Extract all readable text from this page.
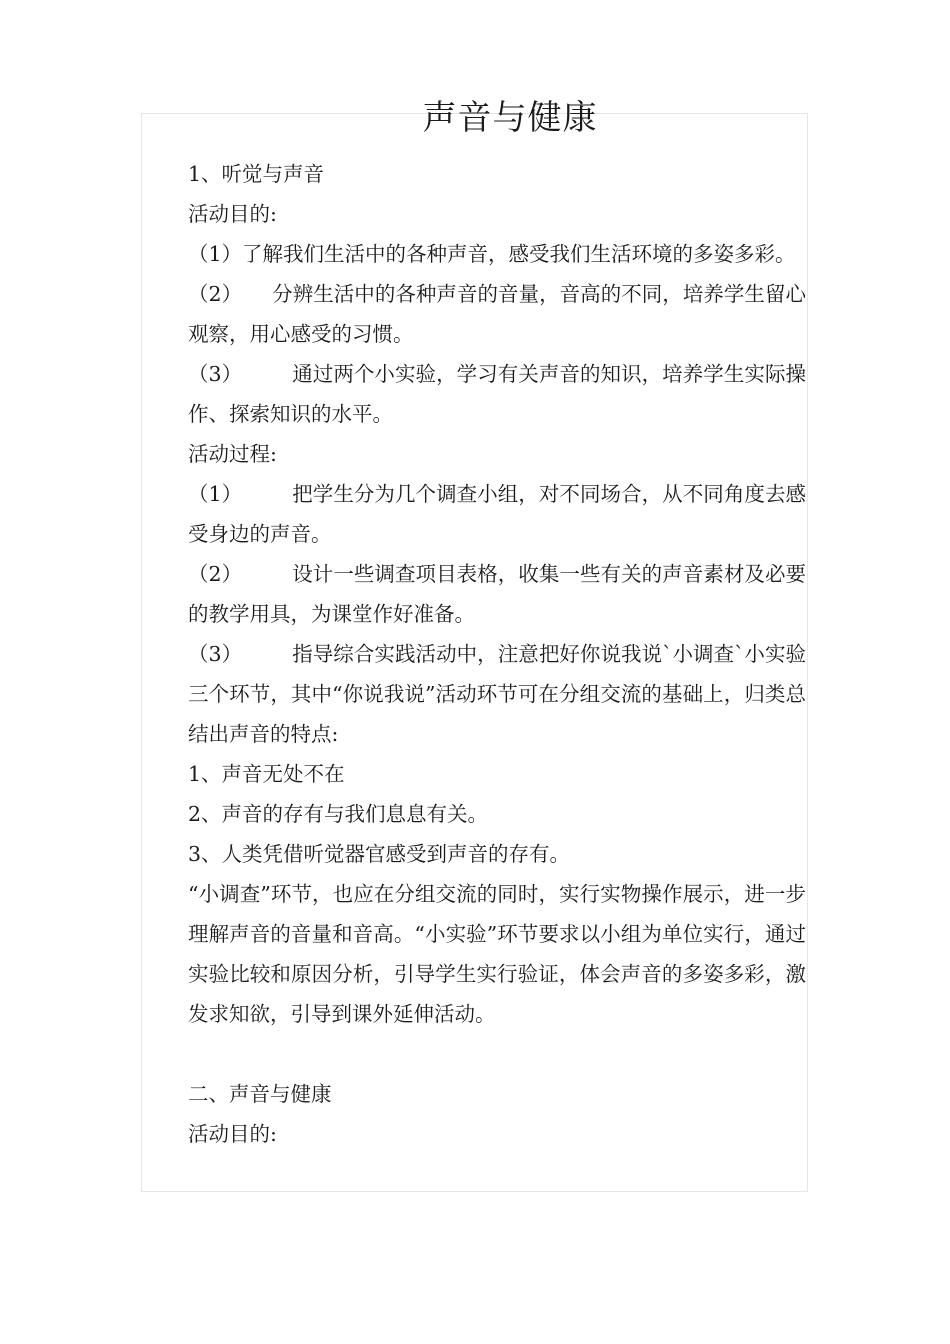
声音与健康

1、听觉与声音

活动目的:

（1）了解我们生活中的各种声音，感受我们生活环境的多姿多彩。

（2） 分辨生活中的各种声音的音量，音高的不同，培养学生留心观察，用心感受的习惯。

（3） 通过两个小实验，学习有关声音的知识，培养学生实际操作、探索知识的水平。

活动过程:

（1） 把学生分为几个调查小组，对不同场合，从不同角度去感受身边的声音。

（2） 设计一些调查项目表格，收集一些有关的声音素材及必要的教学用具，为课堂作好准备。

（3） 指导综合实践活动中，注意把好你说我说`小调查`小实验三个环节，其中“你说我说”活动环节可在分组交流的基础上，归类总结出声音的特点:

1、声音无处不在

2、声音的存有与我们息息有关。

3、人类凭借听觉器官感受到声音的存有。

“小调查”环节，也应在分组交流的同时，实行实物操作展示，进一步理解声音的音量和音高。“小实验”环节要求以小组为单位实行，通过实验比较和原因分析，引导学生实行验证，体会声音的多姿多彩，激发求知欲，引导到课外延伸活动。

二、声音与健康

活动目的:
